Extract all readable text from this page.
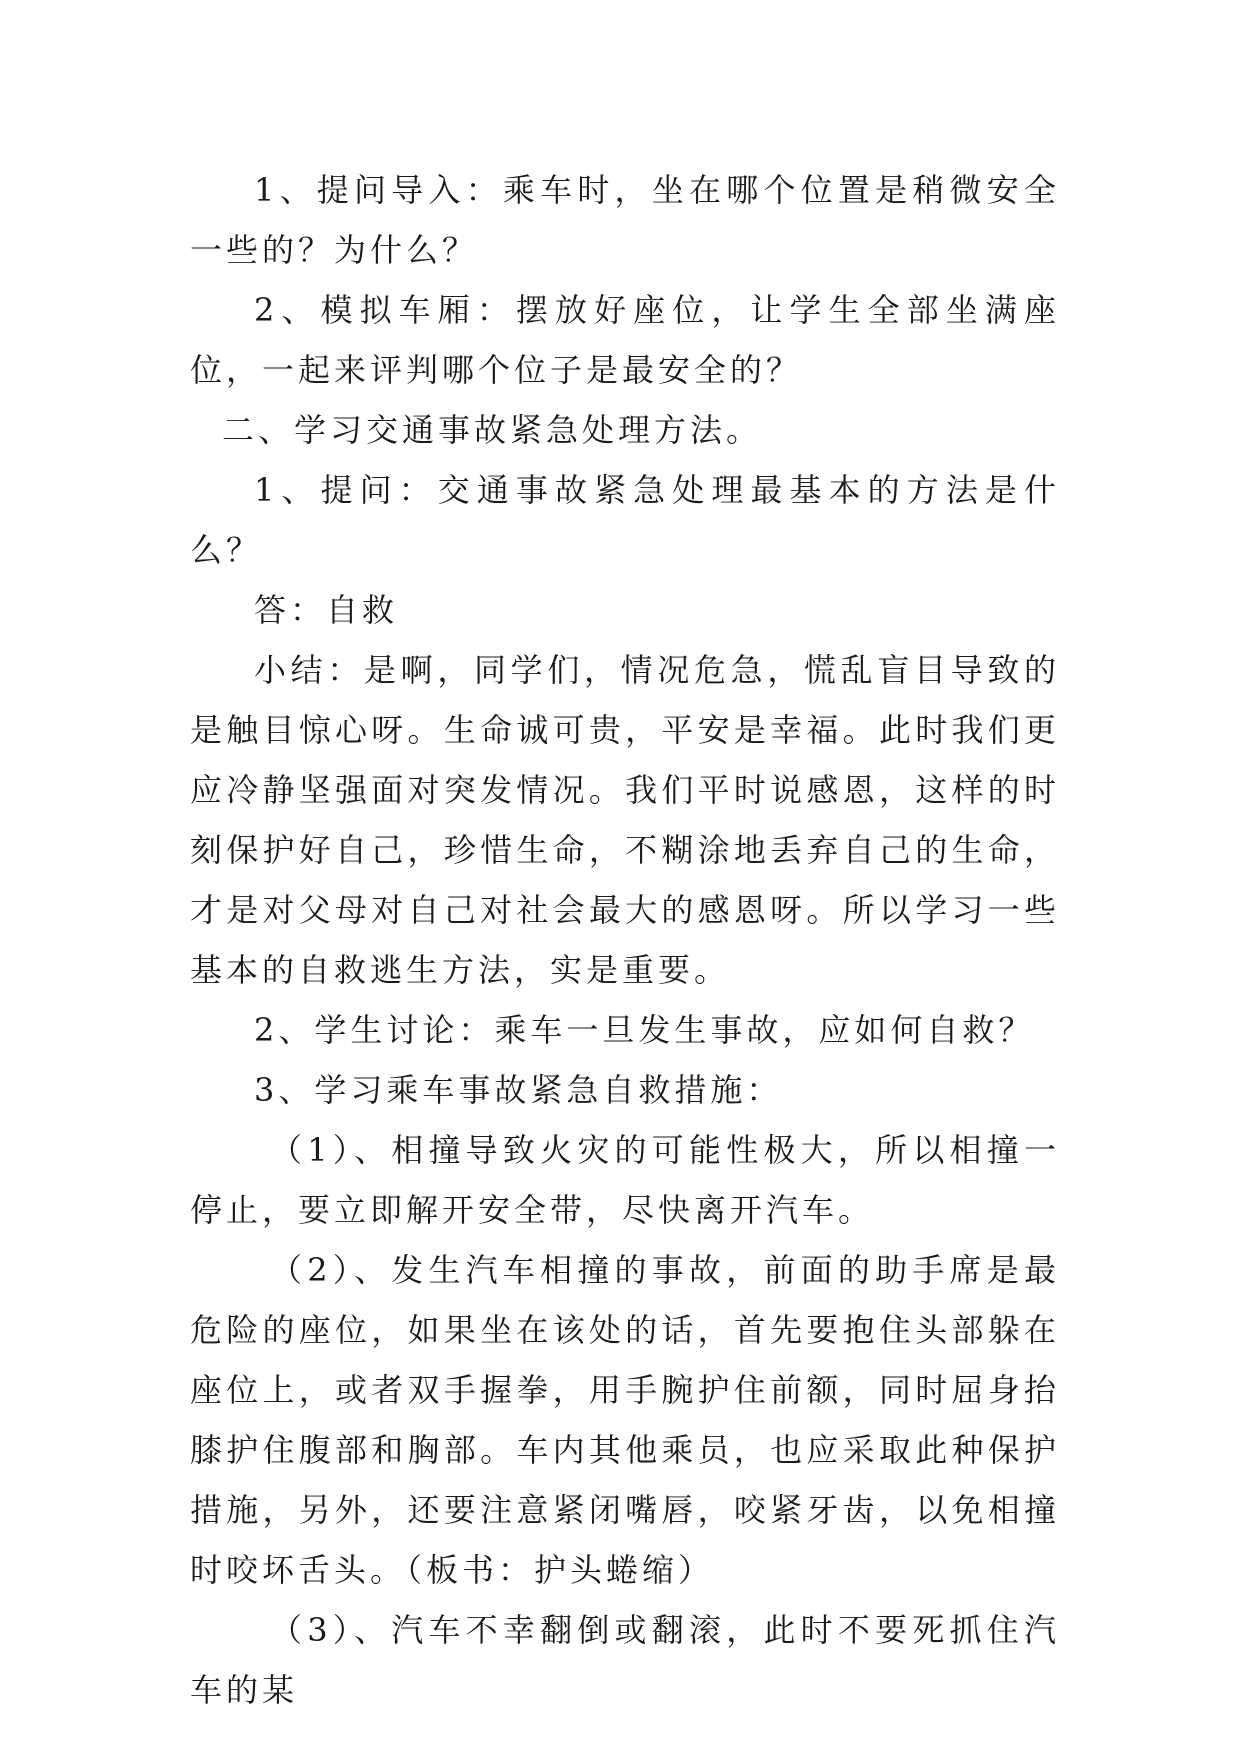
1、提问导入：乘车时，坐在哪个位置是稍微安全一些的？为什么？

2、模拟车厢：摆放好座位，让学生全部坐满座位，一起来评判哪个位子是最安全的？

二、学习交通事故紧急处理方法。

1、提问：交通事故紧急处理最基本的方法是什么？

答：自救

小结：是啊，同学们，情况危急，慌乱盲目导致的是触目惊心呀。生命诚可贵，平安是幸福。此时我们更应冷静坚强面对突发情况。我们平时说感恩，这样的时刻保护好自己，珍惜生命，不糊涂地丢弃自己的生命，才是对父母对自己对社会最大的感恩呀。所以学习一些基本的自救逃生方法，实是重要。

2、学生讨论：乘车一旦发生事故，应如何自救？

3、学习乘车事故紧急自救措施：

（1）、相撞导致火灾的可能性极大，所以相撞一停止，要立即解开安全带，尽快离开汽车。

（2）、发生汽车相撞的事故，前面的助手席是最危险的座位，如果坐在该处的话，首先要抱住头部躲在座位上，或者双手握拳，用手腕护住前额，同时屈身抬膝护住腹部和胸部。车内其他乘员，也应采取此种保护措施，另外，还要注意紧闭嘴唇，咬紧牙齿，以免相撞时咬坏舌头。（板书：护头蜷缩）

（3）、汽车不幸翻倒或翻滚，此时不要死抓住汽车的某
